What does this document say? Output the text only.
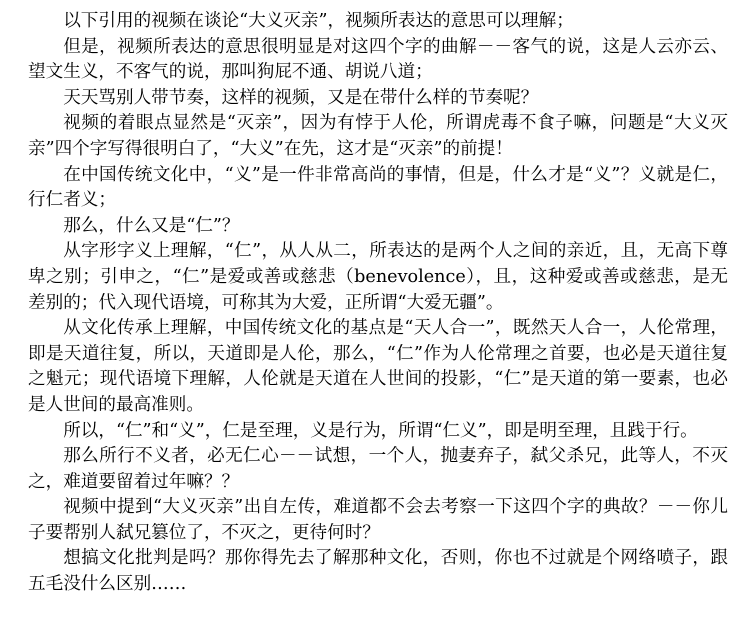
以下引用的视频在谈论“大义灭亲”，视频所表达的意思可以理解；

但是，视频所表达的意思很明显是对这四个字的曲解－－客气的说，这是人云亦云、望文生义，不客气的说，那叫狗屁不通、胡说八道；

天天骂别人带节奏，这样的视频，又是在带什么样的节奏呢？

视频的着眼点显然是“灭亲”，因为有悖于人伦，所谓虎毒不食子嘛，问题是“大义灭亲”四个字写得很明白了，“大义”在先，这才是“灭亲”的前提！

在中国传统文化中，“义”是一件非常高尚的事情，但是，什么才是“义”？义就是仁，行仁者义；

那么，什么又是“仁”？

从字形字义上理解，“仁”，从人从二，所表达的是两个人之间的亲近，且，无高下尊卑之别；引申之，“仁”是爱或善或慈悲（benevolence），且，这种爱或善或慈悲，是无差别的；代入现代语境，可称其为大爱，正所谓“大爱无疆”。

从文化传承上理解，中国传统文化的基点是“天人合一”，既然天人合一，人伦常理，即是天道往复，所以，天道即是人伦，那么，“仁”作为人伦常理之首要，也必是天道往复之魁元；现代语境下理解，人伦就是天道在人世间的投影，“仁”是天道的第一要素，也必是人世间的最高准则。

所以，“仁”和“义”，仁是至理，义是行为，所谓“仁义”，即是明至理，且践于行。

那么所行不义者，必无仁心－－试想，一个人，抛妻弃子，弑父杀兄，此等人，不灭之，难道要留着过年嘛？？

视频中提到“大义灭亲”出自左传，难道都不会去考察一下这四个字的典故？－－你儿子要帮别人弑兄篡位了，不灭之，更待何时？

想搞文化批判是吗？那你得先去了解那种文化，否则，你也不过就是个网络喷子，跟五毛没什么区别……
